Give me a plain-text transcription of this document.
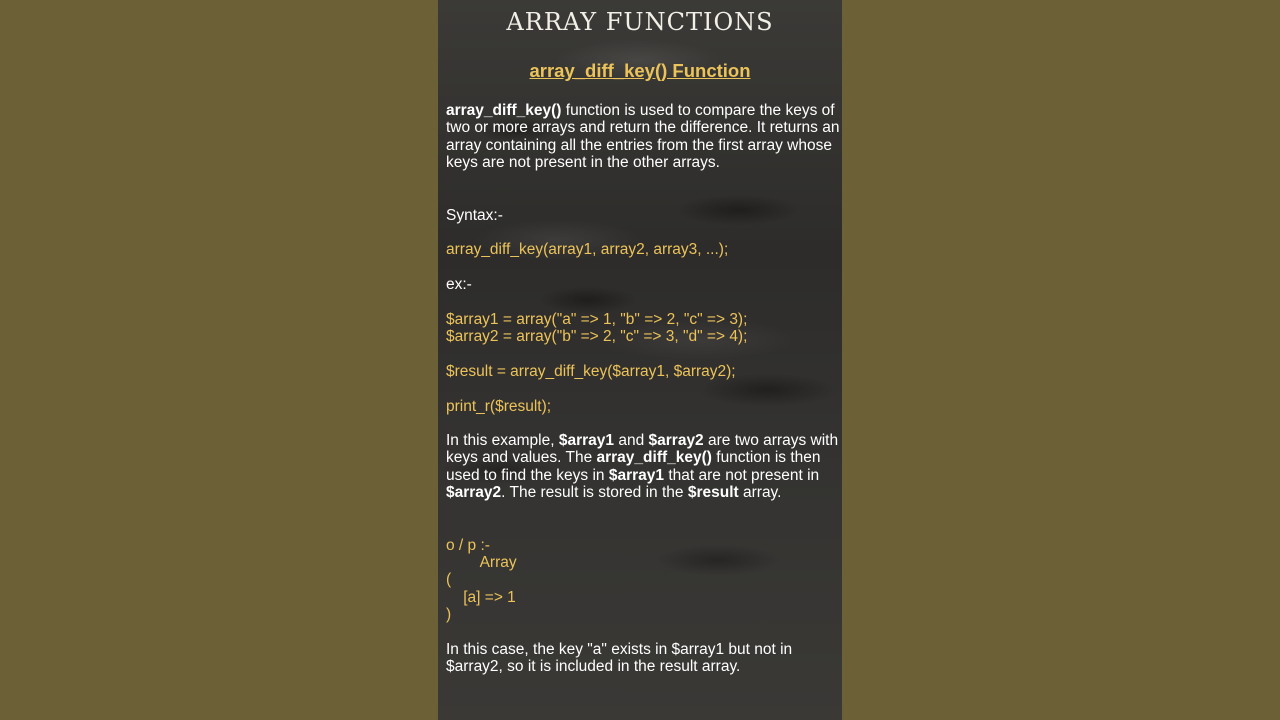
ARRAY FUNCTIONS
array_diff_key() Function
array_diff_key() function is used to compare the keys of two or more arrays and return the difference. It returns an array containing all the entries from the first array whose keys are not present in the other arrays.
Syntax:-
array_diff_key(array1, array2, array3, ...);
ex:-
$array1 = array("a" => 1, "b" => 2, "c" => 3);
$array2 = array("b" => 2, "c" => 3, "d" => 4);
$result = array_diff_key($array1, $array2);
print_r($result);
In this example, $array1 and $array2 are two arrays with keys and values. The array_diff_key() function is then used to find the keys in $array1 that are not present in $array2. The result is stored in the $result array.
o / p :-
Array
(
[a] => 1
)
In this case, the key "a" exists in $array1 but not in $array2, so it is included in the result array.
